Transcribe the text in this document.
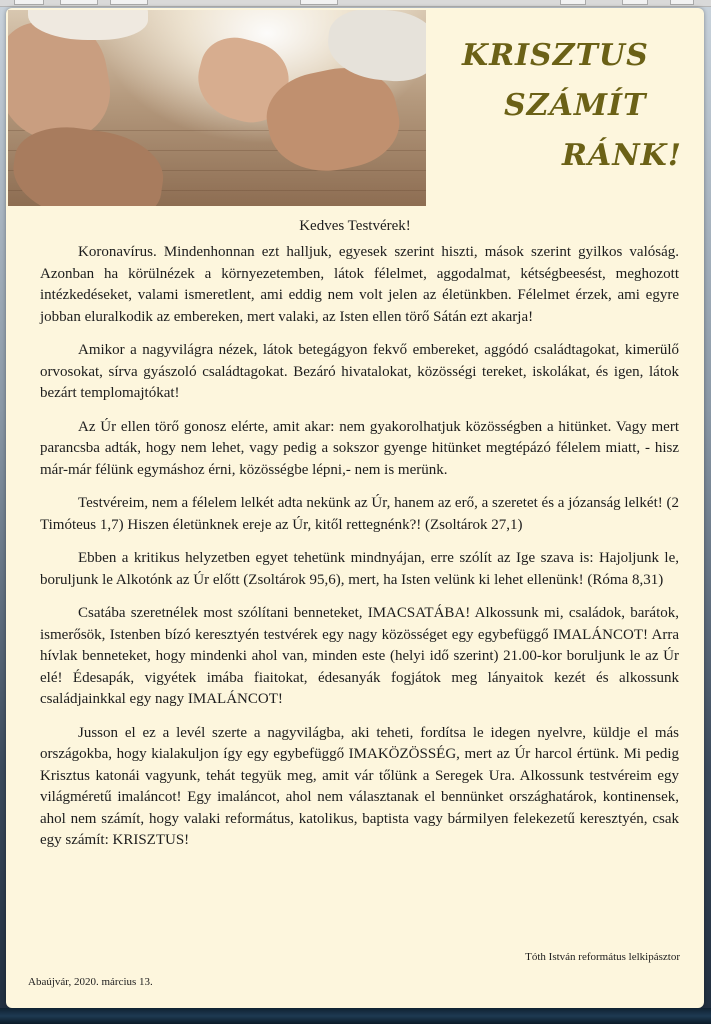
KRISZTUS
SZÁMÍT
RÁNK!
Kedves Testvérek!

Koronavírus. Mindenhonnan ezt halljuk, egyesek szerint hiszti, mások szerint gyilkos valóság. Azonban ha körülnézek a környezetemben, látok félelmet, aggodalmat, kétségbeesést, meghozott intézkedéseket, valami ismeretlent, ami eddig nem volt jelen az életünkben. Félelmet érzek, ami egyre jobban eluralkodik az embereken, mert valaki, az Isten ellen törő Sátán ezt akarja!

Amikor a nagyvilágra nézek, látok betegágyon fekvő embereket, aggódó családtagokat, kimerülő orvosokat, sírva gyászoló családtagokat. Bezáró hivatalokat, közösségi tereket, iskolákat, és igen, látok bezárt templomajtókat!

Az Úr ellen törő gonosz elérte, amit akar: nem gyakorolhatjuk közösségben a hitünket. Vagy mert parancsba adták, hogy nem lehet, vagy pedig a sokszor gyenge hitünket megtépázó félelem miatt, - hisz már-már félünk egymáshoz érni, közösségbe lépni,- nem is merünk.

Testvéreim, nem a félelem lelkét adta nekünk az Úr, hanem az erő, a szeretet és a józanság lelkét! (2 Timóteus 1,7) Hiszen életünknek ereje az Úr, kitől rettegnénk?! (Zsoltárok 27,1)

Ebben a kritikus helyzetben egyet tehetünk mindnyájan, erre szólít az Ige szava is: Hajoljunk le, boruljunk le Alkotónk az Úr előtt (Zsoltárok 95,6), mert, ha Isten velünk ki lehet ellenünk! (Róma 8,31)

Csatába szeretnélek most szólítani benneteket, IMACSATÁBA! Alkossunk mi, családok, barátok, ismerősök, Istenben bízó keresztyén testvérek egy nagy közösséget egy egybefüggő IMALÁNCOT! Arra hívlak benneteket, hogy mindenki ahol van, minden este (helyi idő szerint) 21.00-kor boruljunk le az Úr elé! Édesapák, vigyétek imába fiaitokat, édesanyák fogjátok meg lányaitok kezét és alkossunk családjainkkal egy nagy IMALÁNCOT!

Jusson el ez a levél szerte a nagyvilágba, aki teheti, fordítsa le idegen nyelvre, küldje el más országokba, hogy kialakuljon így egy egybefüggő IMAKÖZÖSSÉG, mert az Úr harcol értünk. Mi pedig Krisztus katonái vagyunk, tehát tegyük meg, amit vár tőlünk a Seregek Ura. Alkossunk testvéreim egy világméretű imaláncot! Egy imaláncot, ahol nem választanak el bennünket országhatárok, kontinensek, ahol nem számít, hogy valaki református, katolikus, baptista vagy bármilyen felekezetű keresztyén, csak egy számít: KRISZTUS!

Tóth István református lelkipásztor
Abaújvár, 2020. március 13.
